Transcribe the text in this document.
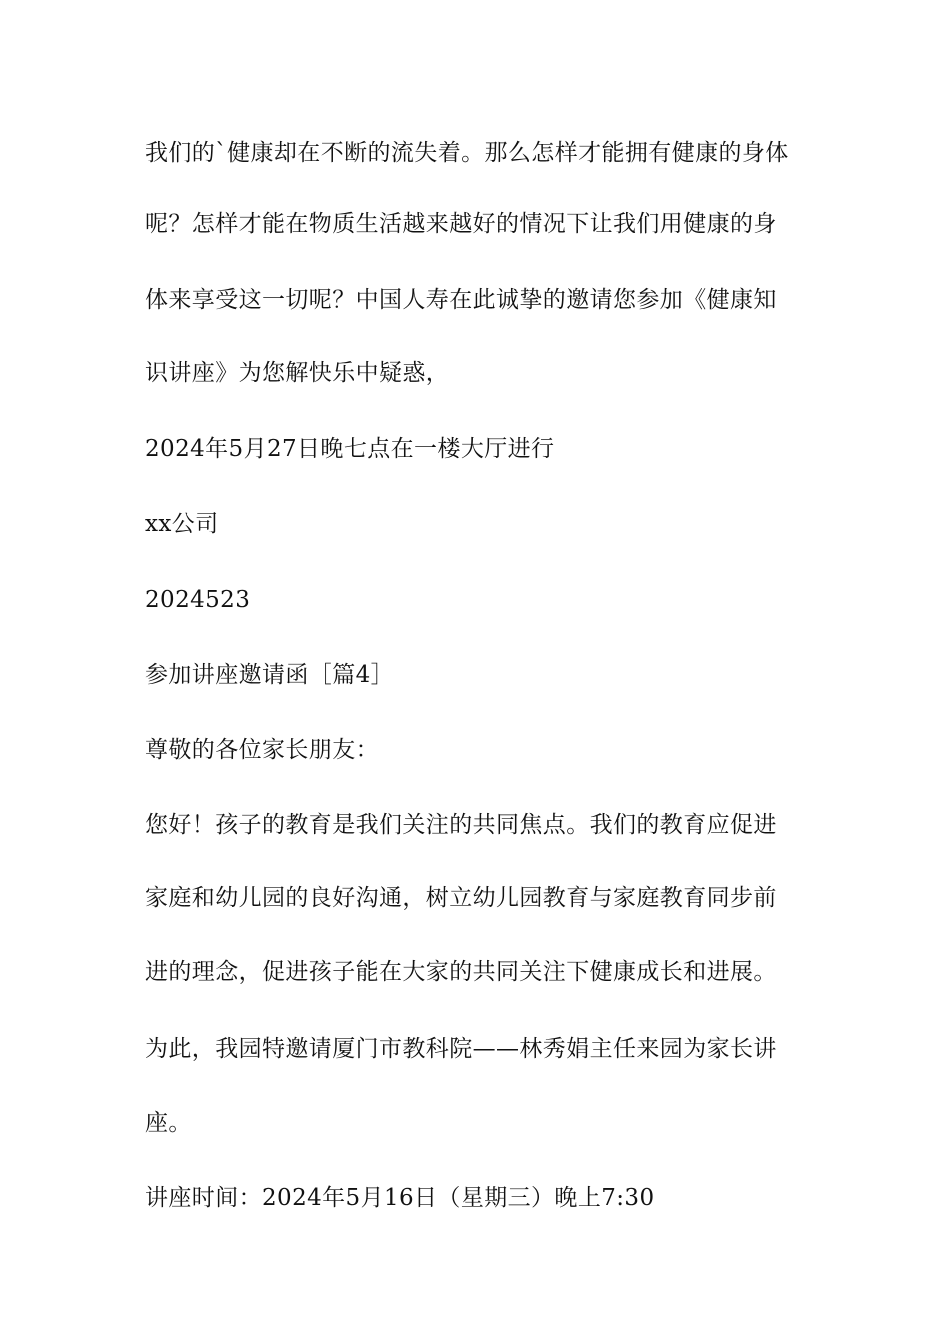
我们的`健康却在不断的流失着。那么怎样才能拥有健康的身体
呢？怎样才能在物质生活越来越好的情况下让我们用健康的身
体来享受这一切呢？中国人寿在此诚挚的邀请您参加《健康知
识讲座》为您解快乐中疑惑，
2024年5月27日晚七点在一楼大厅进行
xx公司
2024523
参加讲座邀请函［篇4］
尊敬的各位家长朋友：
您好！孩子的教育是我们关注的共同焦点。我们的教育应促进
家庭和幼儿园的良好沟通，树立幼儿园教育与家庭教育同步前
进的理念，促进孩子能在大家的共同关注下健康成长和进展。
为此，我园特邀请厦门市教科院——林秀娟主任来园为家长讲
座。
讲座时间：2024年5月16日（星期三）晚上7:30
